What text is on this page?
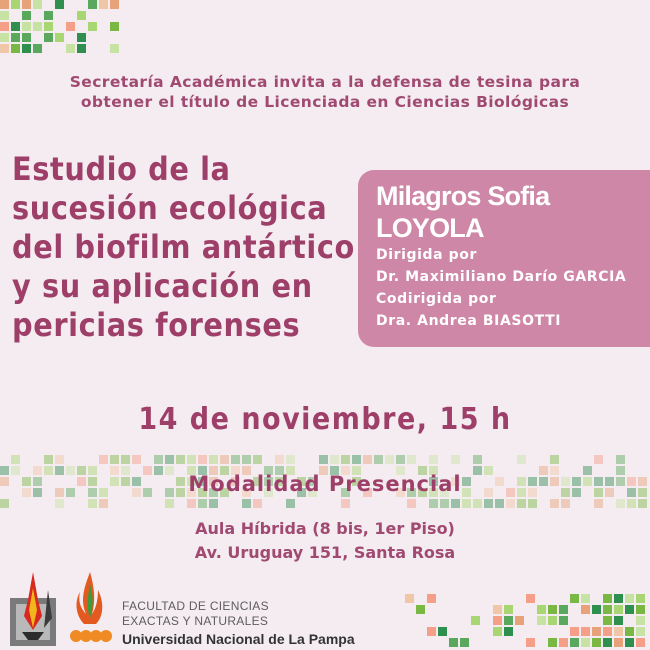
Secretaría Académica invita a la defensa de tesina para
obtener el título de Licenciada en Ciencias Biológicas
Estudio de la
sucesión ecológica
del biofilm antártico
y su aplicación en
pericias forenses
Milagros Sofia
LOYOLA
Dirigida por
Dr. Maximiliano Darío GARCIA
Codirigida por
Dra. Andrea BIASOTTI
14 de noviembre, 15 h
Modalidad Presencial
Aula Híbrida (8 bis, 1er Piso)
Av. Uruguay 151, Santa Rosa
FACULTAD DE CIENCIAS
EXACTAS Y NATURALES
Universidad Nacional de La Pampa
